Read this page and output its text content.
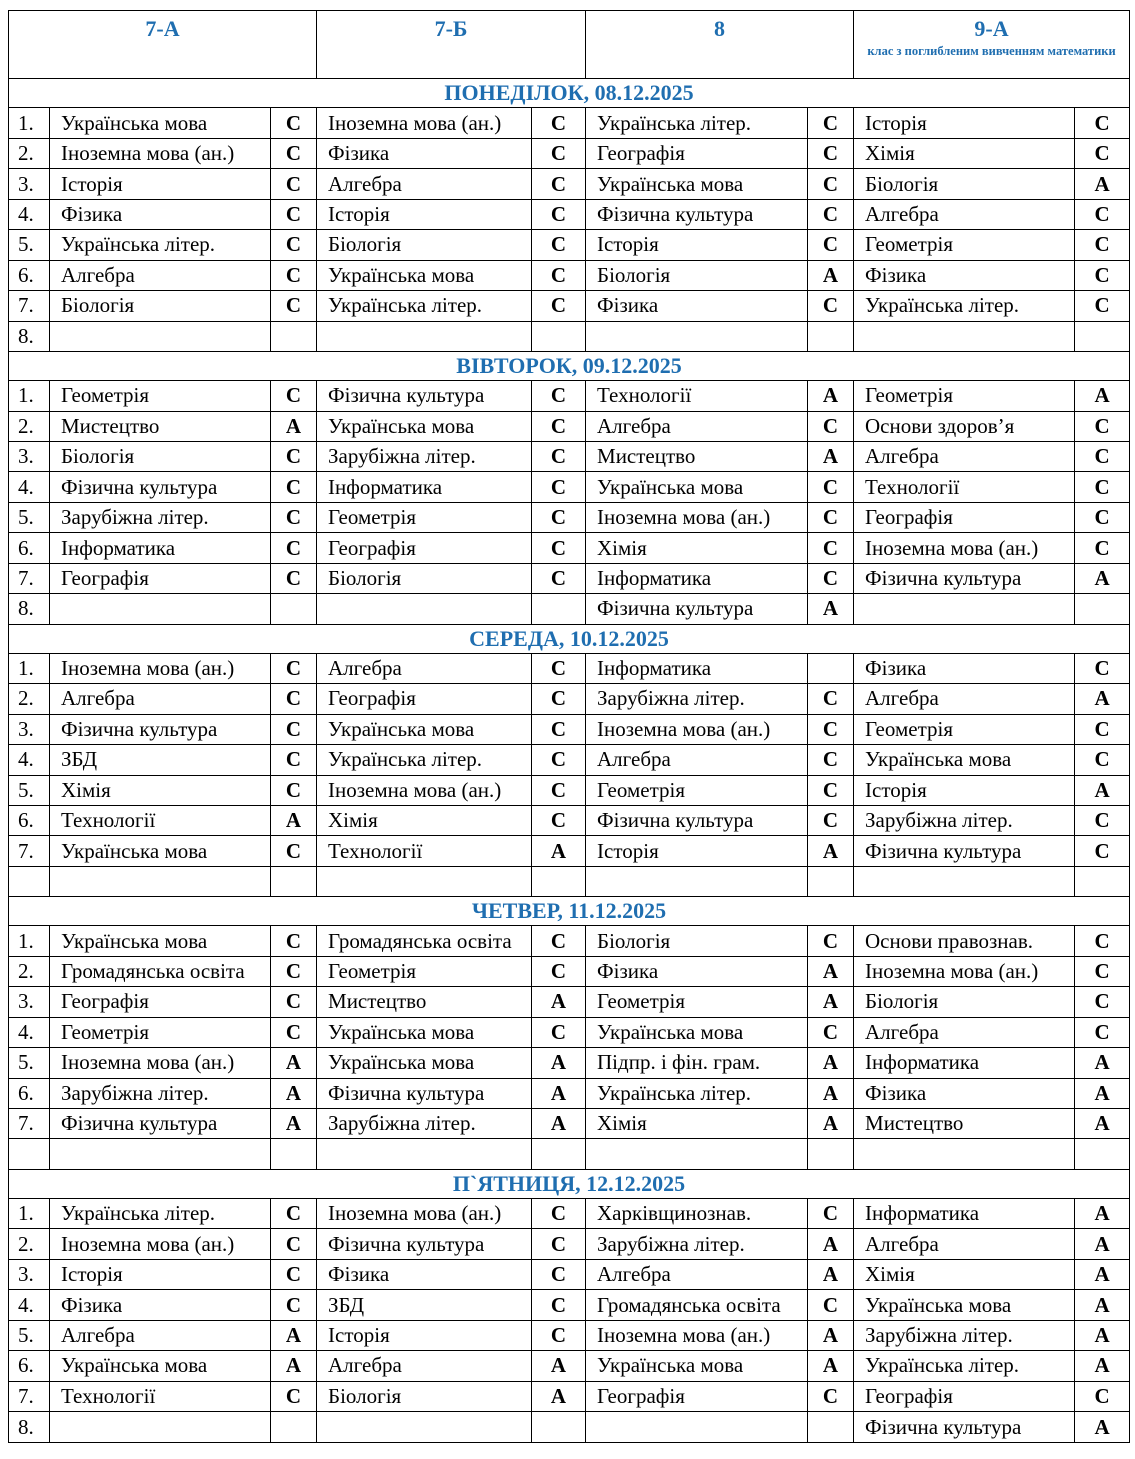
7-А			7-Б		8		9-А
клас з поглибленим вивченням математики	

ПОНЕДІЛОК, 08.12.2025								
1.	Українська мова	С	Іноземна мова (ан.)	С	Українська літер.	С	Історія	С
2.	Іноземна мова (ан.)	С	Фізика	С	Географія	С	Хімія	С
3.	Історія	С	Алгебра	С	Українська мова	С	Біологія	А
4.	Фізика	С	Історія	С	Фізична культура	С	Алгебра	С
5.	Українська літер.	С	Біологія	С	Історія	С	Геометрія	С
6.	Алгебра	С	Українська мова	С	Біологія	А	Фізика	С
7.	Біологія	С	Українська літер.	С	Фізика	С	Українська літер.	С
8.								
ВІВТОРОК, 09.12.2025								
1.	Геометрія	С	Фізична культура	С	Технології	А	Геометрія	А
2.	Мистецтво	А	Українська мова	С	Алгебра	С	Основи здоров’я	С
3.	Біологія	С	Зарубіжна літер.	С	Мистецтво	А	Алгебра	С
4.	Фізична культура	С	Інформатика	С	Українська мова	С	Технології	С
5.	Зарубіжна літер.	С	Геометрія	С	Іноземна мова (ан.)	С	Географія	С
6.	Інформатика	С	Географія	С	Хімія	С	Іноземна мова (ан.)	С
7.	Географія	С	Біологія	С	Інформатика	С	Фізична культура	А
8.					Фізична культура	А		
СЕРЕДА, 10.12.2025								
1.	Іноземна мова (ан.)	С	Алгебра	С	Інформатика		Фізика	С
2.	Алгебра	С	Географія	С	Зарубіжна літер.	С	Алгебра	А
3.	Фізична культура	С	Українська мова	С	Іноземна мова (ан.)	С	Геометрія	С
4.	ЗБД	С	Українська літер.	С	Алгебра	С	Українська мова	С
5.	Хімія	С	Іноземна мова (ан.)	С	Геометрія	С	Історія	А
6.	Технології	А	Хімія	С	Фізична культура	С	Зарубіжна літер.	С
7.	Українська мова	С	Технології	А	Історія	А	Фізична культура	С

ЧЕТВЕР, 11.12.2025								
1.	Українська мова	С	Громадянська освіта	С	Біологія	С	Основи правознав.	С
2.	Громадянська освіта	С	Геометрія	С	Фізика	А	Іноземна мова (ан.)	С
3.	Географія	С	Мистецтво	А	Геометрія	А	Біологія	С
4.	Геометрія	С	Українська мова	С	Українська мова	С	Алгебра	С
5.	Іноземна мова (ан.)	А	Українська мова	А	Підпр. і фін. грам.	А	Інформатика	А
6.	Зарубіжна літер.	А	Фізична культура	А	Українська літер.	А	Фізика	А
7.	Фізична культура	А	Зарубіжна літер.	А	Хімія	А	Мистецтво	А

П`ЯТНИЦЯ, 12.12.2025								
1.	Українська літер.	С	Іноземна мова (ан.)	С	Харківщинознав.	С	Інформатика	А
2.	Іноземна мова (ан.)	С	Фізична культура	С	Зарубіжна літер.	А	Алгебра	А
3.	Історія	С	Фізика	С	Алгебра	А	Хімія	А
4.	Фізика	С	ЗБД	С	Громадянська освіта	С	Українська мова	А
5.	Алгебра	А	Історія	С	Іноземна мова (ан.)	А	Зарубіжна літер.	А
6.	Українська мова	А	Алгебра	А	Українська мова	А	Українська літер.	А
7.	Технології	С	Біологія	А	Географія	С	Географія	С
8.							Фізична культура	А
